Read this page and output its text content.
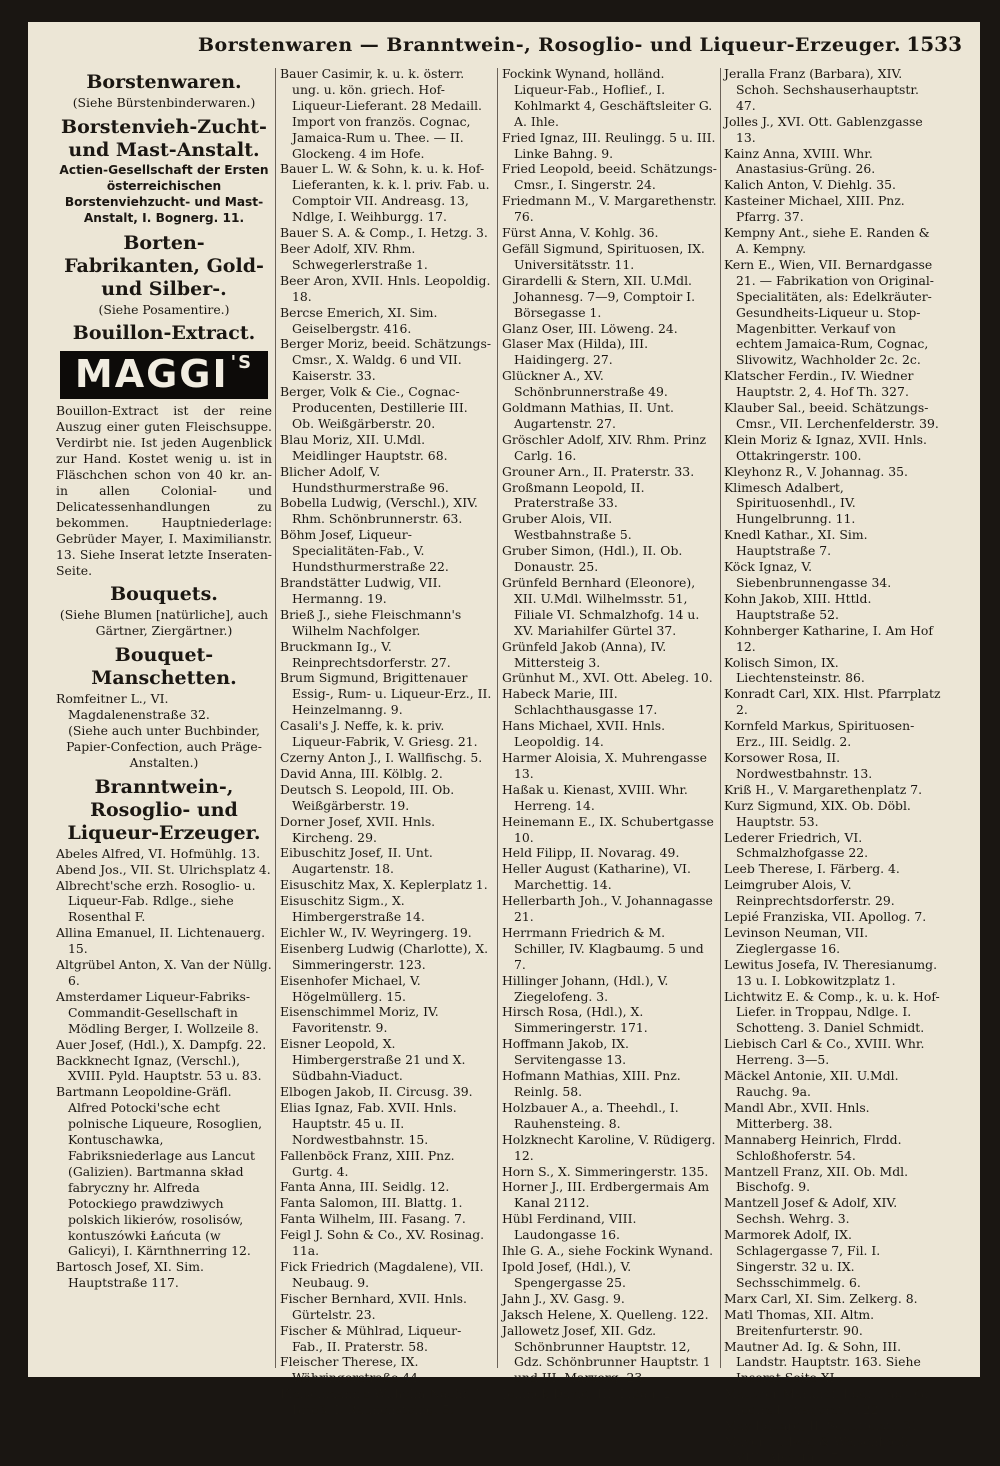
Borstenwaren — Branntwein-, Rosoglio- und Liqueur-Erzeuger. 1533
Borstenwaren.
(Siehe Bürstenbinderwaren.)
Borstenvieh-Zucht- und Mast-Anstalt.
Actien-Gesellschaft der Ersten österreichischen Borstenviehzucht- und Mast-Anstalt, I. Bognerg. 11.
Borten-Fabrikanten, Gold- und Silber-.
(Siehe Posamentire.)
Bouillon-Extract.
MAGGI 'S
Bouillon-Extract ist der reine Auszug einer guten Fleischsuppe. Verdirbt nie. Ist jeden Augenblick zur Hand. Kostet wenig u. ist in Fläschchen schon von 40 kr. an- in allen Colonial- und Delicatessenhandlungen zu bekommen. Hauptniederlage: Gebrüder Mayer, I. Maximilianstr. 13. Siehe Inserat letzte Inseraten-Seite.
Bouquets.
(Siehe Blumen [natürliche], auch Gärtner, Ziergärtner.)
Bouquet-Manschetten.
Romfeitner L., VI. Magdalenenstraße 32.
(Siehe auch unter Buchbinder, Papier-Confection, auch Präge-Anstalten.)
Branntwein-, Rosoglio- und Liqueur-Erzeuger.

Abeles Alfred, VI. Hofmühlg. 13.

Abend Jos., VII. St. Ulrichsplatz 4.

Albrecht'sche erzh. Rosoglio- u. Liqueur-Fab. Rdlge., siehe Rosenthal F.

Allina Emanuel, II. Lichtenauerg. 15.

Altgrübel Anton, X. Van der Nüllg. 6.

Amsterdamer Liqueur-Fabriks-Commandit-Gesellschaft in Mödling Berger, I. Wollzeile 8.

Auer Josef, (Hdl.), X. Dampfg. 22.

Backknecht Ignaz, (Verschl.), XVIII. Pyld. Hauptstr. 53 u. 83.

Bartmann Leopoldine-Gräfl. Alfred Potocki'sche echt polnische Liqueure, Rosoglien, Kontuschawka, Fabriksniederlage aus Lancut (Galizien). Bartmanna skład fabryczny hr. Alfreda Potockiego prawdziwych polskich likierów, rosolisów, kontuszówki Łańcuta (w Galicyi), I. Kärnthnerring 12.

Bartosch Josef, XI. Sim. Hauptstraße 117.

Bauer Casimir, k. u. k. österr. ung. u. kön. griech. Hof-Liqueur-Lieferant. 28 Medaill. Import von französ. Cognac, Jamaica-Rum u. Thee. — II. Glockeng. 4 im Hofe.

Bauer L. W. & Sohn, k. u. k. Hof-Lieferanten, k. k. l. priv. Fab. u. Comptoir VII. Andreasg. 13, Ndlge, I. Weihburgg. 17.

Bauer S. A. & Comp., I. Hetzg. 3.

Beer Adolf, XIV. Rhm. Schwegerlerstraße 1.

Beer Aron, XVII. Hnls. Leopoldig. 18.

Bercse Emerich, XI. Sim. Geiselbergstr. 416.

Berger Moriz, beeid. Schätzungs-Cmsr., X. Waldg. 6 und VII. Kaiserstr. 33.

Berger, Volk & Cie., Cognac-Producenten, Destillerie III. Ob. Weißgärberstr. 20.

Blau Moriz, XII. U.Mdl. Meidlinger Hauptstr. 68.

Blicher Adolf, V. Hundsthurmerstraße 96.

Bobella Ludwig, (Verschl.), XIV. Rhm. Schönbrunnerstr. 63.

Böhm Josef, Liqueur-Specialitäten-Fab., V. Hundsthurmerstraße 22.

Brandstätter Ludwig, VII. Hermanng. 19.

Brieß J., siehe Fleischmann's Wilhelm Nachfolger.

Bruckmann Ig., V. Reinprechtsdorferstr. 27.

Brum Sigmund, Brigittenauer Essig-, Rum- u. Liqueur-Erz., II. Heinzelmanng. 9.

Casali's J. Neffe, k. k. priv. Liqueur-Fabrik, V. Griesg. 21.

Czerny Anton J., I. Wallfischg. 5.

David Anna, III. Kölblg. 2.

Deutsch S. Leopold, III. Ob. Weißgärberstr. 19.

Dorner Josef, XVII. Hnls. Kircheng. 29.

Eibuschitz Josef, II. Unt. Augartenstr. 18.

Eisuschitz Max, X. Keplerplatz 1.

Eisuschitz Sigm., X. Himbergerstraße 14.

Eichler W., IV. Weyringerg. 19.

Eisenberg Ludwig (Charlotte), X. Simmeringerstr. 123.

Eisenhofer Michael, V. Högelmüllerg. 15.

Eisenschimmel Moriz, IV. Favoritenstr. 9.

Eisner Leopold, X. Himbergerstraße 21 und X. Südbahn-Viaduct.

Elbogen Jakob, II. Circusg. 39.

Elias Ignaz, Fab. XVII. Hnls. Hauptstr. 45 u. II. Nordwestbahnstr. 15.

Fallenböck Franz, XIII. Pnz. Gurtg. 4.

Fanta Anna, III. Seidlg. 12.

Fanta Salomon, III. Blattg. 1.

Fanta Wilhelm, III. Fasang. 7.

Feigl J. Sohn & Co., XV. Rosinag. 11a.

Fick Friedrich (Magdalene), VII. Neubaug. 9.

Fischer Bernhard, XVII. Hnls. Gürtelstr. 23.

Fischer & Mühlrad, Liqueur-Fab., II. Praterstr. 58.

Fleischer Therese, IX. Währingerstraße 44.

Fleischmann's Wilhelm Nachf. J. Brieß, I. Rauhensteing. 5.

Fockink Wynand, holländ. Liqueur-Fab., Hoflief., I. Kohlmarkt 4, Geschäftsleiter G. A. Ihle.

Fried Ignaz, III. Reulingg. 5 u. III. Linke Bahng. 9.

Fried Leopold, beeid. Schätzungs-Cmsr., I. Singerstr. 24.

Friedmann M., V. Margarethenstr. 76.

Fürst Anna, V. Kohlg. 36.

Gefäll Sigmund, Spirituosen, IX. Universitätsstr. 11.

Girardelli & Stern, XII. U.Mdl. Johannesg. 7—9, Comptoir I. Börsegasse 1.

Glanz Oser, III. Löweng. 24.

Glaser Max (Hilda), III. Haidingerg. 27.

Glückner A., XV. Schönbrunnerstraße 49.

Goldmann Mathias, II. Unt. Augartenstr. 27.

Gröschler Adolf, XIV. Rhm. Prinz Carlg. 16.

Grouner Arn., II. Praterstr. 33.

Großmann Leopold, II. Praterstraße 33.

Gruber Alois, VII. Westbahnstraße 5.

Gruber Simon, (Hdl.), II. Ob. Donaustr. 25.

Grünfeld Bernhard (Eleonore), XII. U.Mdl. Wilhelmsstr. 51, Filiale VI. Schmalzhofg. 14 u. XV. Mariahilfer Gürtel 37.

Grünfeld Jakob (Anna), IV. Mittersteig 3.

Grünhut M., XVI. Ott. Abeleg. 10.

Habeck Marie, III. Schlachthausgasse 17.

Hans Michael, XVII. Hnls. Leopoldig. 14.

Harmer Aloisia, X. Muhrengasse 13.

Haßak u. Kienast, XVIII. Whr. Herreng. 14.

Heinemann E., IX. Schubertgasse 10.

Held Filipp, II. Novarag. 49.

Heller August (Katharine), VI. Marchettig. 14.

Hellerbarth Joh., V. Johannagasse 21.

Herrmann Friedrich & M. Schiller, IV. Klagbaumg. 5 und 7.

Hillinger Johann, (Hdl.), V. Ziegelofeng. 3.

Hirsch Rosa, (Hdl.), X. Simmeringerstr. 171.

Hoffmann Jakob, IX. Servitengasse 13.

Hofmann Mathias, XIII. Pnz. Reinlg. 58.

Holzbauer A., a. Theehdl., I. Rauhensteing. 8.

Holzknecht Karoline, V. Rüdigerg. 12.

Horn S., X. Simmeringerstr. 135.

Horner J., III. Erdbergermais Am Kanal 2112.

Hübl Ferdinand, VIII. Laudongasse 16.

Ihle G. A., siehe Fockink Wynand.

Ipold Josef, (Hdl.), V. Spengergasse 25.

Jahn J., XV. Gasg. 9.

Jaksch Helene, X. Quelleng. 122.

Jallowetz Josef, XII. Gdz. Schönbrunner Hauptstr. 12, Gdz. Schönbrunner Hauptstr. 1 und III. Marxerg. 23.

Jellinek David, III. Lißag. 2.

Jeralla Franz (Barbara), XIV. Schoh. Sechshauserhauptstr. 47.

Jolles J., XVI. Ott. Gablenzgasse 13.

Kainz Anna, XVIII. Whr. Anastasius-Grüng. 26.

Kalich Anton, V. Diehlg. 35.

Kasteiner Michael, XIII. Pnz. Pfarrg. 37.

Kempny Ant., siehe E. Randen & A. Kempny.

Kern E., Wien, VII. Bernardgasse 21. — Fabrikation von Original-Specialitäten, als: Edelkräuter-Gesundheits-Liqueur u. Stop-Magenbitter. Verkauf von echtem Jamaica-Rum, Cognac, Slivowitz, Wachholder 2c. 2c.

Klatscher Ferdin., IV. Wiedner Hauptstr. 2, 4. Hof Th. 327.

Klauber Sal., beeid. Schätzungs-Cmsr., VII. Lerchenfelderstr. 39.

Klein Moriz & Ignaz, XVII. Hnls. Ottakringerstr. 100.

Kleyhonz R., V. Johannag. 35.

Klimesch Adalbert, Spirituosenhdl., IV. Hungelbrunng. 11.

Knedl Kathar., XI. Sim. Hauptstraße 7.

Köck Ignaz, V. Siebenbrunnengasse 34.

Kohn Jakob, XIII. Httld. Hauptstraße 52.

Kohnberger Katharine, I. Am Hof 12.

Kolisch Simon, IX. Liechtensteinstr. 86.

Konradt Carl, XIX. Hlst. Pfarrplatz 2.

Kornfeld Markus, Spirituosen-Erz., III. Seidlg. 2.

Korsower Rosa, II. Nordwestbahnstr. 13.

Kriß H., V. Margarethenplatz 7.

Kurz Sigmund, XIX. Ob. Döbl. Hauptstr. 53.

Lederer Friedrich, VI. Schmalzhofgasse 22.

Leeb Therese, I. Färberg. 4.

Leimgruber Alois, V. Reinprechtsdorferstr. 29.

Lepié Franziska, VII. Apollog. 7.

Levinson Neuman, VII. Zieglergasse 16.

Lewitus Josefa, IV. Theresianumg. 13 u. I. Lobkowitzplatz 1.

Lichtwitz E. & Comp., k. u. k. Hof-Liefer. in Troppau, Ndlge. I. Schotteng. 3. Daniel Schmidt.

Liebisch Carl & Co., XVIII. Whr. Herreng. 3—5.

Mäckel Antonie, XII. U.Mdl. Rauchg. 9a.

Mandl Abr., XVII. Hnls. Mitterberg. 38.

Mannaberg Heinrich, Flrdd. Schloßhoferstr. 54.

Mantzell Franz, XII. Ob. Mdl. Bischofg. 9.

Mantzell Josef & Adolf, XIV. Sechsh. Wehrg. 3.

Marmorek Adolf, IX. Schlagergasse 7, Fil. I. Singerstr. 32 u. IX. Sechsschimmelg. 6.

Marx Carl, XI. Sim. Zelkerg. 8.

Matl Thomas, XII. Altm. Breitenfurterstr. 90.

Mautner Ad. Ig. & Sohn, III. Landstr. Hauptstr. 163. Siehe Inserat Seite XL.

Mautner Markhof, Lbdf. Fab., Gr. Jedlrsd. Pragerstr. 122.

May Eduard, II. Schüttelstr. 31.

Mayer Ludwig & Weisenböck, VIII. Albertg. 17.
